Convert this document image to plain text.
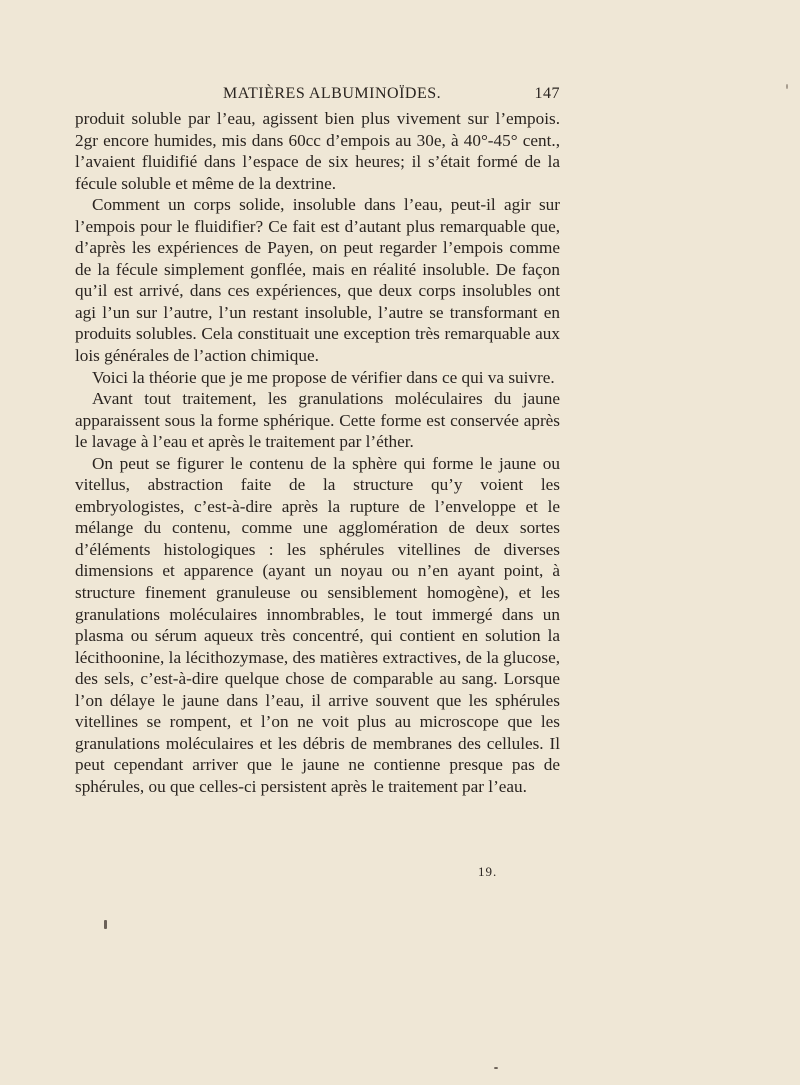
MATIÈRES ALBUMINOÏDES.	147

produit soluble par l’eau, agissent bien plus vivement sur l’empois. 2gr encore humides, mis dans 60cc d’empois au 30e, à 40°-45° cent., l’avaient fluidifié dans l’espace de six heures; il s’était formé de la fécule soluble et même de la dextrine.

Comment un corps solide, insoluble dans l’eau, peut-il agir sur l’empois pour le fluidifier? Ce fait est d’autant plus remarquable que, d’après les expériences de Payen, on peut regarder l’empois comme de la fécule simplement gonflée, mais en réalité insoluble. De façon qu’il est arrivé, dans ces expériences, que deux corps insolubles ont agi l’un sur l’autre, l’un restant insoluble, l’autre se transformant en produits solubles. Cela constituait une exception très remarquable aux lois générales de l’action chimique.

Voici la théorie que je me propose de vérifier dans ce qui va suivre.

Avant tout traitement, les granulations moléculaires du jaune apparaissent sous la forme sphérique. Cette forme est conservée après le lavage à l’eau et après le traitement par l’éther.

On peut se figurer le contenu de la sphère qui forme le jaune ou vitellus, abstraction faite de la structure qu’y voient les embryologistes, c’est-à-dire après la rupture de l’enveloppe et le mélange du contenu, comme une agglomération de deux sortes d’éléments histologiques : les sphérules vitellines de diverses dimensions et apparence (ayant un noyau ou n’en ayant point, à structure finement granuleuse ou sensiblement homogène), et les granulations moléculaires innombrables, le tout immergé dans un plasma ou sérum aqueux très concentré, qui contient en solution la lécithoonine, la lécithozymase, des matières extractives, de la glucose, des sels, c’est-à-dire quelque chose de comparable au sang. Lorsque l’on délaye le jaune dans l’eau, il arrive souvent que les sphérules vitellines se rompent, et l’on ne voit plus au microscope que les granulations moléculaires et les débris de membranes des cellules. Il peut cependant arriver que le jaune ne contienne presque pas de sphérules, ou que celles-ci persistent après le traitement par l’eau.

19.
